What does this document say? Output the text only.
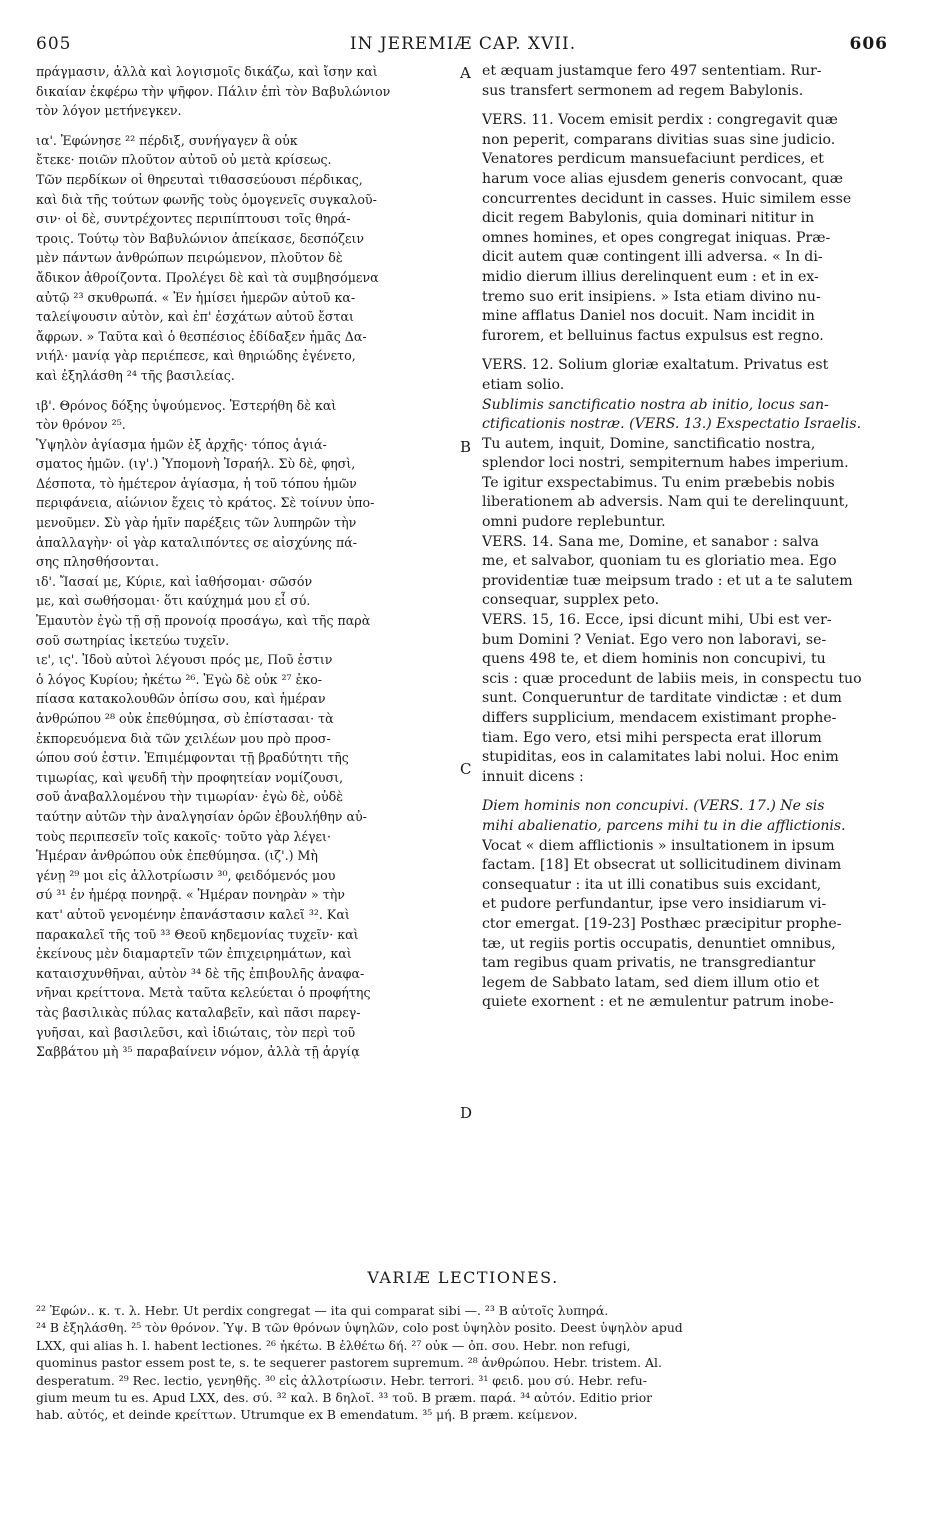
605	IN JEREMIÆ CAP. XVII.	606
A
B
C
D
πράγμασιν, ἀλλὰ καὶ λογισμοῖς δικάζω, καὶ ἴσην καὶ
δικαίαν ἐκφέρω τὴν ψῆφον. Πάλιν ἐπὶ τὸν Βαβυλώνιον
τὸν λόγον μετήνεγκεν.
ια'. Ἐφώνησε ²² πέρδιξ, συνήγαγεν ἃ οὐκ
ἔτεκε· ποιῶν πλοῦτον αὐτοῦ οὐ μετὰ κρίσεως.
Τῶν περδίκων οἱ θηρευταὶ τιθασσεύουσι πέρδικας,
καὶ διὰ τῆς τούτων φωνῆς τοὺς ὁμογενεῖς συγκαλοῦ-
σιν· οἱ δὲ, συντρέχοντες περιπίπτουσι τοῖς θηρά-
τροις. Τούτῳ τὸν Βαβυλώνιον ἀπείκασε, δεσπόζειν
μὲν πάντων ἀνθρώπων πειρώμενον, πλοῦτον δὲ
ἄδικον ἀθροίζοντα. Προλέγει δὲ καὶ τὰ συμβησόμενα
αὐτῷ ²³ σκυθρωπά. « Ἐν ἡμίσει ἡμερῶν αὐτοῦ κα-
ταλείψουσιν αὐτὸν, καὶ ἐπ' ἐσχάτων αὐτοῦ ἔσται
ἄφρων. » Ταῦτα καὶ ὁ θεσπέσιος ἐδίδαξεν ἡμᾶς Δα-
νιήλ· μανίᾳ γὰρ περιέπεσε, καὶ θηριώδης ἐγένετο,
καὶ ἐξηλάσθη ²⁴ τῆς βασιλείας.
ιβ'. Θρόνος δόξης ὑψούμενος. Ἐστερήθη δὲ καὶ
τὸν θρόνον ²⁵.
Ὑψηλὸν ἁγίασμα ἡμῶν ἐξ ἀρχῆς· τόπος ἁγιά-
σματος ἡμῶν. (ιγ'.) Ὑπομονὴ Ἰσραήλ. Σὺ δὲ, φησὶ,
Δέσποτα, τὸ ἡμέτερον ἁγίασμα, ἡ τοῦ τόπου ἡμῶν
περιφάνεια, αἰώνιον ἔχεις τὸ κράτος. Σὲ τοίνυν ὑπο-
μενοῦμεν. Σὺ γὰρ ἡμῖν παρέξεις τῶν λυπηρῶν τὴν
ἀπαλλαγὴν· οἱ γὰρ καταλιπόντες σε αἰσχύνης πά-
σης πλησθήσονται.
ιδ'. Ἴασαί με, Κύριε, καὶ ἰαθήσομαι· σῶσόν
με, καὶ σωθήσομαι· ὅτι καύχημά μου εἶ σύ.
Ἐμαυτὸν ἐγὼ τῇ σῇ προνοίᾳ προσάγω, καὶ τῆς παρὰ
σοῦ σωτηρίας ἱκετεύω τυχεῖν.
ιε', ις'. Ἰδοὺ αὐτοὶ λέγουσι πρός με, Ποῦ ἐστιν
ὁ λόγος Κυρίου; ἠκέτω ²⁶. Ἐγὼ δὲ οὐκ ²⁷ ἐκο-
πίασα κατακολουθῶν ὀπίσω σου, καὶ ἡμέραν
ἀνθρώπου ²⁸ οὐκ ἐπεθύμησα, σὺ ἐπίστασαι· τὰ
ἐκπορευόμενα διὰ τῶν χειλέων μου πρὸ προσ-
ώπου σού ἐστιν. Ἐπιμέμφονται τῇ βραδύτητι τῆς
τιμωρίας, καὶ ψευδῆ τὴν προφητείαν νομίζουσι,
σοῦ ἀναβαλλομένου τὴν τιμωρίαν· ἐγὼ δὲ, οὐδὲ
ταύτην αὐτῶν τὴν ἀναλγησίαν ὁρῶν ἐβουλήθην αὐ-
τοὺς περιπεσεῖν τοῖς κακοῖς· τοῦτο γὰρ λέγει·
Ἡμέραν ἀνθρώπου οὐκ ἐπεθύμησα. (ιζ'.) Μὴ
γένῃ ²⁹ μοι εἰς ἀλλοτρίωσιν ³⁰, φειδόμενός μου
σύ ³¹ ἐν ἡμέρᾳ πονηρᾷ. « Ἡμέραν πονηρὰν » τὴν
κατ' αὐτοῦ γενομένην ἐπανάστασιν καλεῖ ³². Καὶ
παρακαλεῖ τῆς τοῦ ³³ Θεοῦ κηδεμονίας τυχεῖν· καὶ
ἐκείνους μὲν διαμαρτεῖν τῶν ἐπιχειρημάτων, καὶ
καταισχυνθῆναι, αὐτὸν ³⁴ δὲ τῆς ἐπιβουλῆς ἀναφα-
νῆναι κρείττονα. Μετὰ ταῦτα κελεύεται ὁ προφήτης
τὰς βασιλικὰς πύλας καταλαβεῖν, καὶ πᾶσι παρεγ-
γυῆσαι, καὶ βασιλεῦσι, καὶ ἰδιώταις, τὸν περὶ τοῦ
Σαββάτου μὴ ³⁵ παραβαίνειν νόμον, ἀλλὰ τῇ ἀργίᾳ
et æquam justamque fero 497 sententiam. Rur-
sus transfert sermonem ad regem Babylonis.
VERS. 11. Vocem emisit perdix : congregavit quæ
non peperit, comparans divitias suas sine judicio.
Venatores perdicum mansuefaciunt perdices, et
harum voce alias ejusdem generis convocant, quæ
concurrentes decidunt in casses. Huic similem esse
dicit regem Babylonis, quia dominari nititur in
omnes homines, et opes congregat iniquas. Præ-
dicit autem quæ contingent illi adversa. « In di-
midio dierum illius derelinquent eum : et in ex-
tremo suo erit insipiens. » Ista etiam divino nu-
mine afflatus Daniel nos docuit. Nam incidit in
furorem, et belluinus factus expulsus est regno.
VERS. 12. Solium gloriæ exaltatum. Privatus est
etiam solio.
Sublimis sanctificatio nostra ab initio, locus san-
ctificationis nostræ. (VERS. 13.) Exspectatio Israelis.
Tu autem, inquit, Domine, sanctificatio nostra,
splendor loci nostri, sempiternum habes imperium.
Te igitur exspectabimus. Tu enim præbebis nobis
liberationem ab adversis. Nam qui te derelinquunt,
omni pudore replebuntur.
VERS. 14. Sana me, Domine, et sanabor : salva
me, et salvabor, quoniam tu es gloriatio mea. Ego
providentiæ tuæ meipsum trado : et ut a te salutem
consequar, supplex peto.
VERS. 15, 16. Ecce, ipsi dicunt mihi, Ubi est ver-
bum Domini ? Veniat. Ego vero non laboravi, se-
quens 498 te, et diem hominis non concupivi, tu
scis : quæ procedunt de labiis meis, in conspectu tuo
sunt. Conqueruntur de tarditate vindictæ : et dum
differs supplicium, mendacem existimant prophe-
tiam. Ego vero, etsi mihi perspecta erat illorum
stupiditas, eos in calamitates labi nolui. Hoc enim
innuit dicens :
Diem hominis non concupivi. (VERS. 17.) Ne sis
mihi abalienatio, parcens mihi tu in die afflictionis.
Vocat « diem afflictionis » insultationem in ipsum
factam. [18] Et obsecrat ut sollicitudinem divinam
consequatur : ita ut illi conatibus suis excidant,
et pudore perfundantur, ipse vero insidiarum vi-
ctor emergat. [19-23] Posthæc præcipitur prophe-
tæ, ut regiis portis occupatis, denuntiet omnibus,
tam regibus quam privatis, ne transgrediantur
legem de Sabbato latam, sed diem illum otio et
quiete exornent : et ne æmulentur patrum inobe-
VARIÆ LECTIONES.
²² Ἐφών.. κ. τ. λ. Hebr. Ut perdix congregat — ita qui comparat sibi —. ²³ B αὐτοῖς λυπηρά.
²⁴ B ἐξηλάσθη. ²⁵ τὸν θρόνον. Ὑψ. B τῶν θρόνων ὑψηλῶν, colo post ὑψηλὸν posito. Deest ὑψηλὸν apud
LXX, qui alias h. l. habent lectiones. ²⁶ ἠκέτω. B ἐλθέτω δή. ²⁷ οὐκ — ὀπ. σου. Hebr. non refugi,
quominus pastor essem post te, s. te sequerer pastorem supremum. ²⁸ ἀνθρώπου. Hebr. tristem. Al.
desperatum. ²⁹ Rec. lectio, γενηθῆς. ³⁰ εἰς ἀλλοτρίωσιν. Hebr. terrori. ³¹ φειδ. μου σύ. Hebr. refu-
gium meum tu es. Apud LXX, des. σύ. ³² καλ. B δηλοῖ. ³³ τοῦ. B præm. παρά. ³⁴ αὐτόν. Editio prior
hab. αὐτός, et deinde κρείττων. Utrumque ex B emendatum. ³⁵ μή. B præm. κείμενον.
